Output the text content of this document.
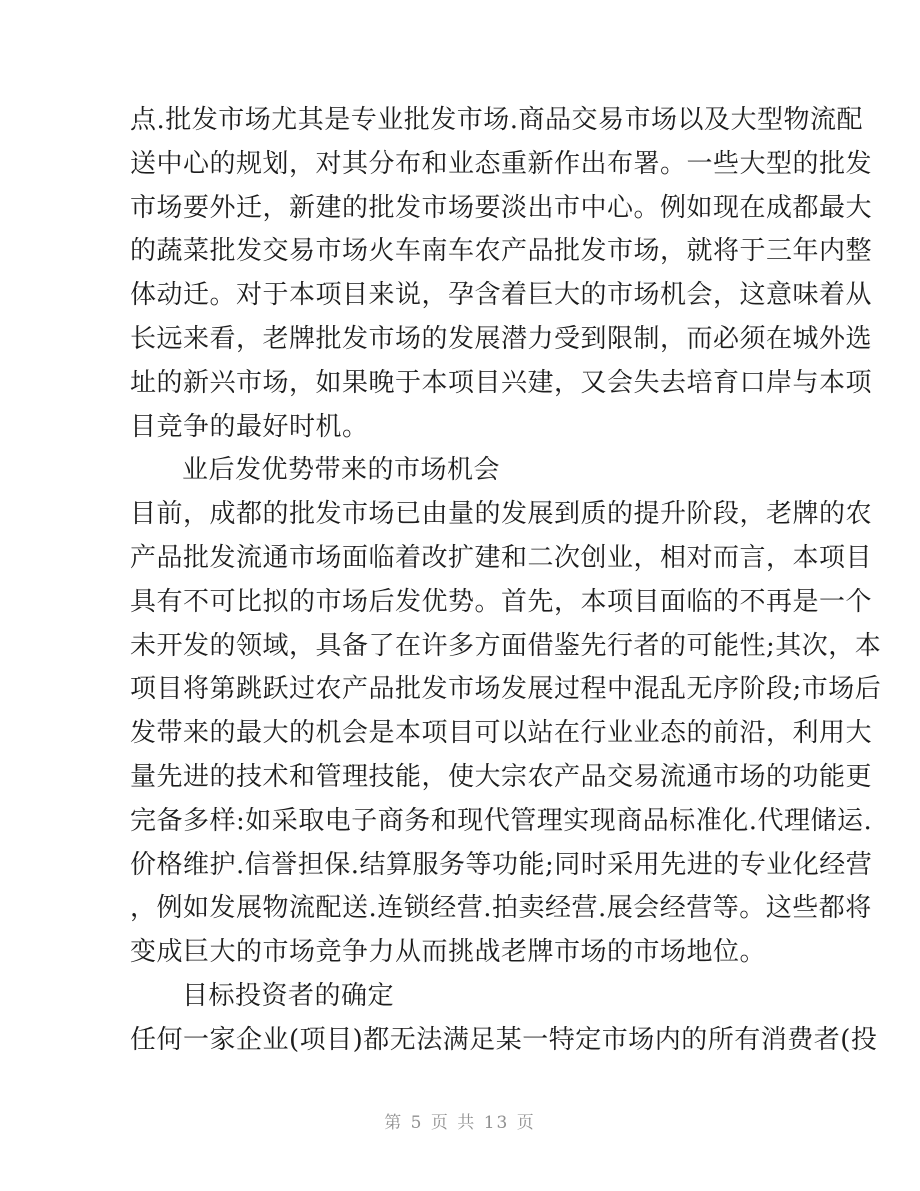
点.批发市场尤其是专业批发市场.商品交易市场以及大型物流配
送中心的规划，对其分布和业态重新作出布署。一些大型的批发
市场要外迁，新建的批发市场要淡出市中心。例如现在成都最大
的蔬菜批发交易市场火车南车农产品批发市场，就将于三年内整
体动迁。对于本项目来说，孕含着巨大的市场机会，这意味着从
长远来看，老牌批发市场的发展潜力受到限制，而必须在城外选
址的新兴市场，如果晚于本项目兴建，又会失去培育口岸与本项
目竞争的最好时机。
业后发优势带来的市场机会
目前，成都的批发市场已由量的发展到质的提升阶段，老牌的农
产品批发流通市场面临着改扩建和二次创业，相对而言，本项目
具有不可比拟的市场后发优势。首先，本项目面临的不再是一个
未开发的领域，具备了在许多方面借鉴先行者的可能性;其次，本
项目将第跳跃过农产品批发市场发展过程中混乱无序阶段;市场后
发带来的最大的机会是本项目可以站在行业业态的前沿，利用大
量先进的技术和管理技能，使大宗农产品交易流通市场的功能更
完备多样:如采取电子商务和现代管理实现商品标准化.代理储运.
价格维护.信誉担保.结算服务等功能;同时采用先进的专业化经营
，例如发展物流配送.连锁经营.拍卖经营.展会经营等。这些都将
变成巨大的市场竞争力从而挑战老牌市场的市场地位。
目标投资者的确定
任何一家企业(项目)都无法满足某一特定市场内的所有消费者(投
第 5 页 共 13 页
